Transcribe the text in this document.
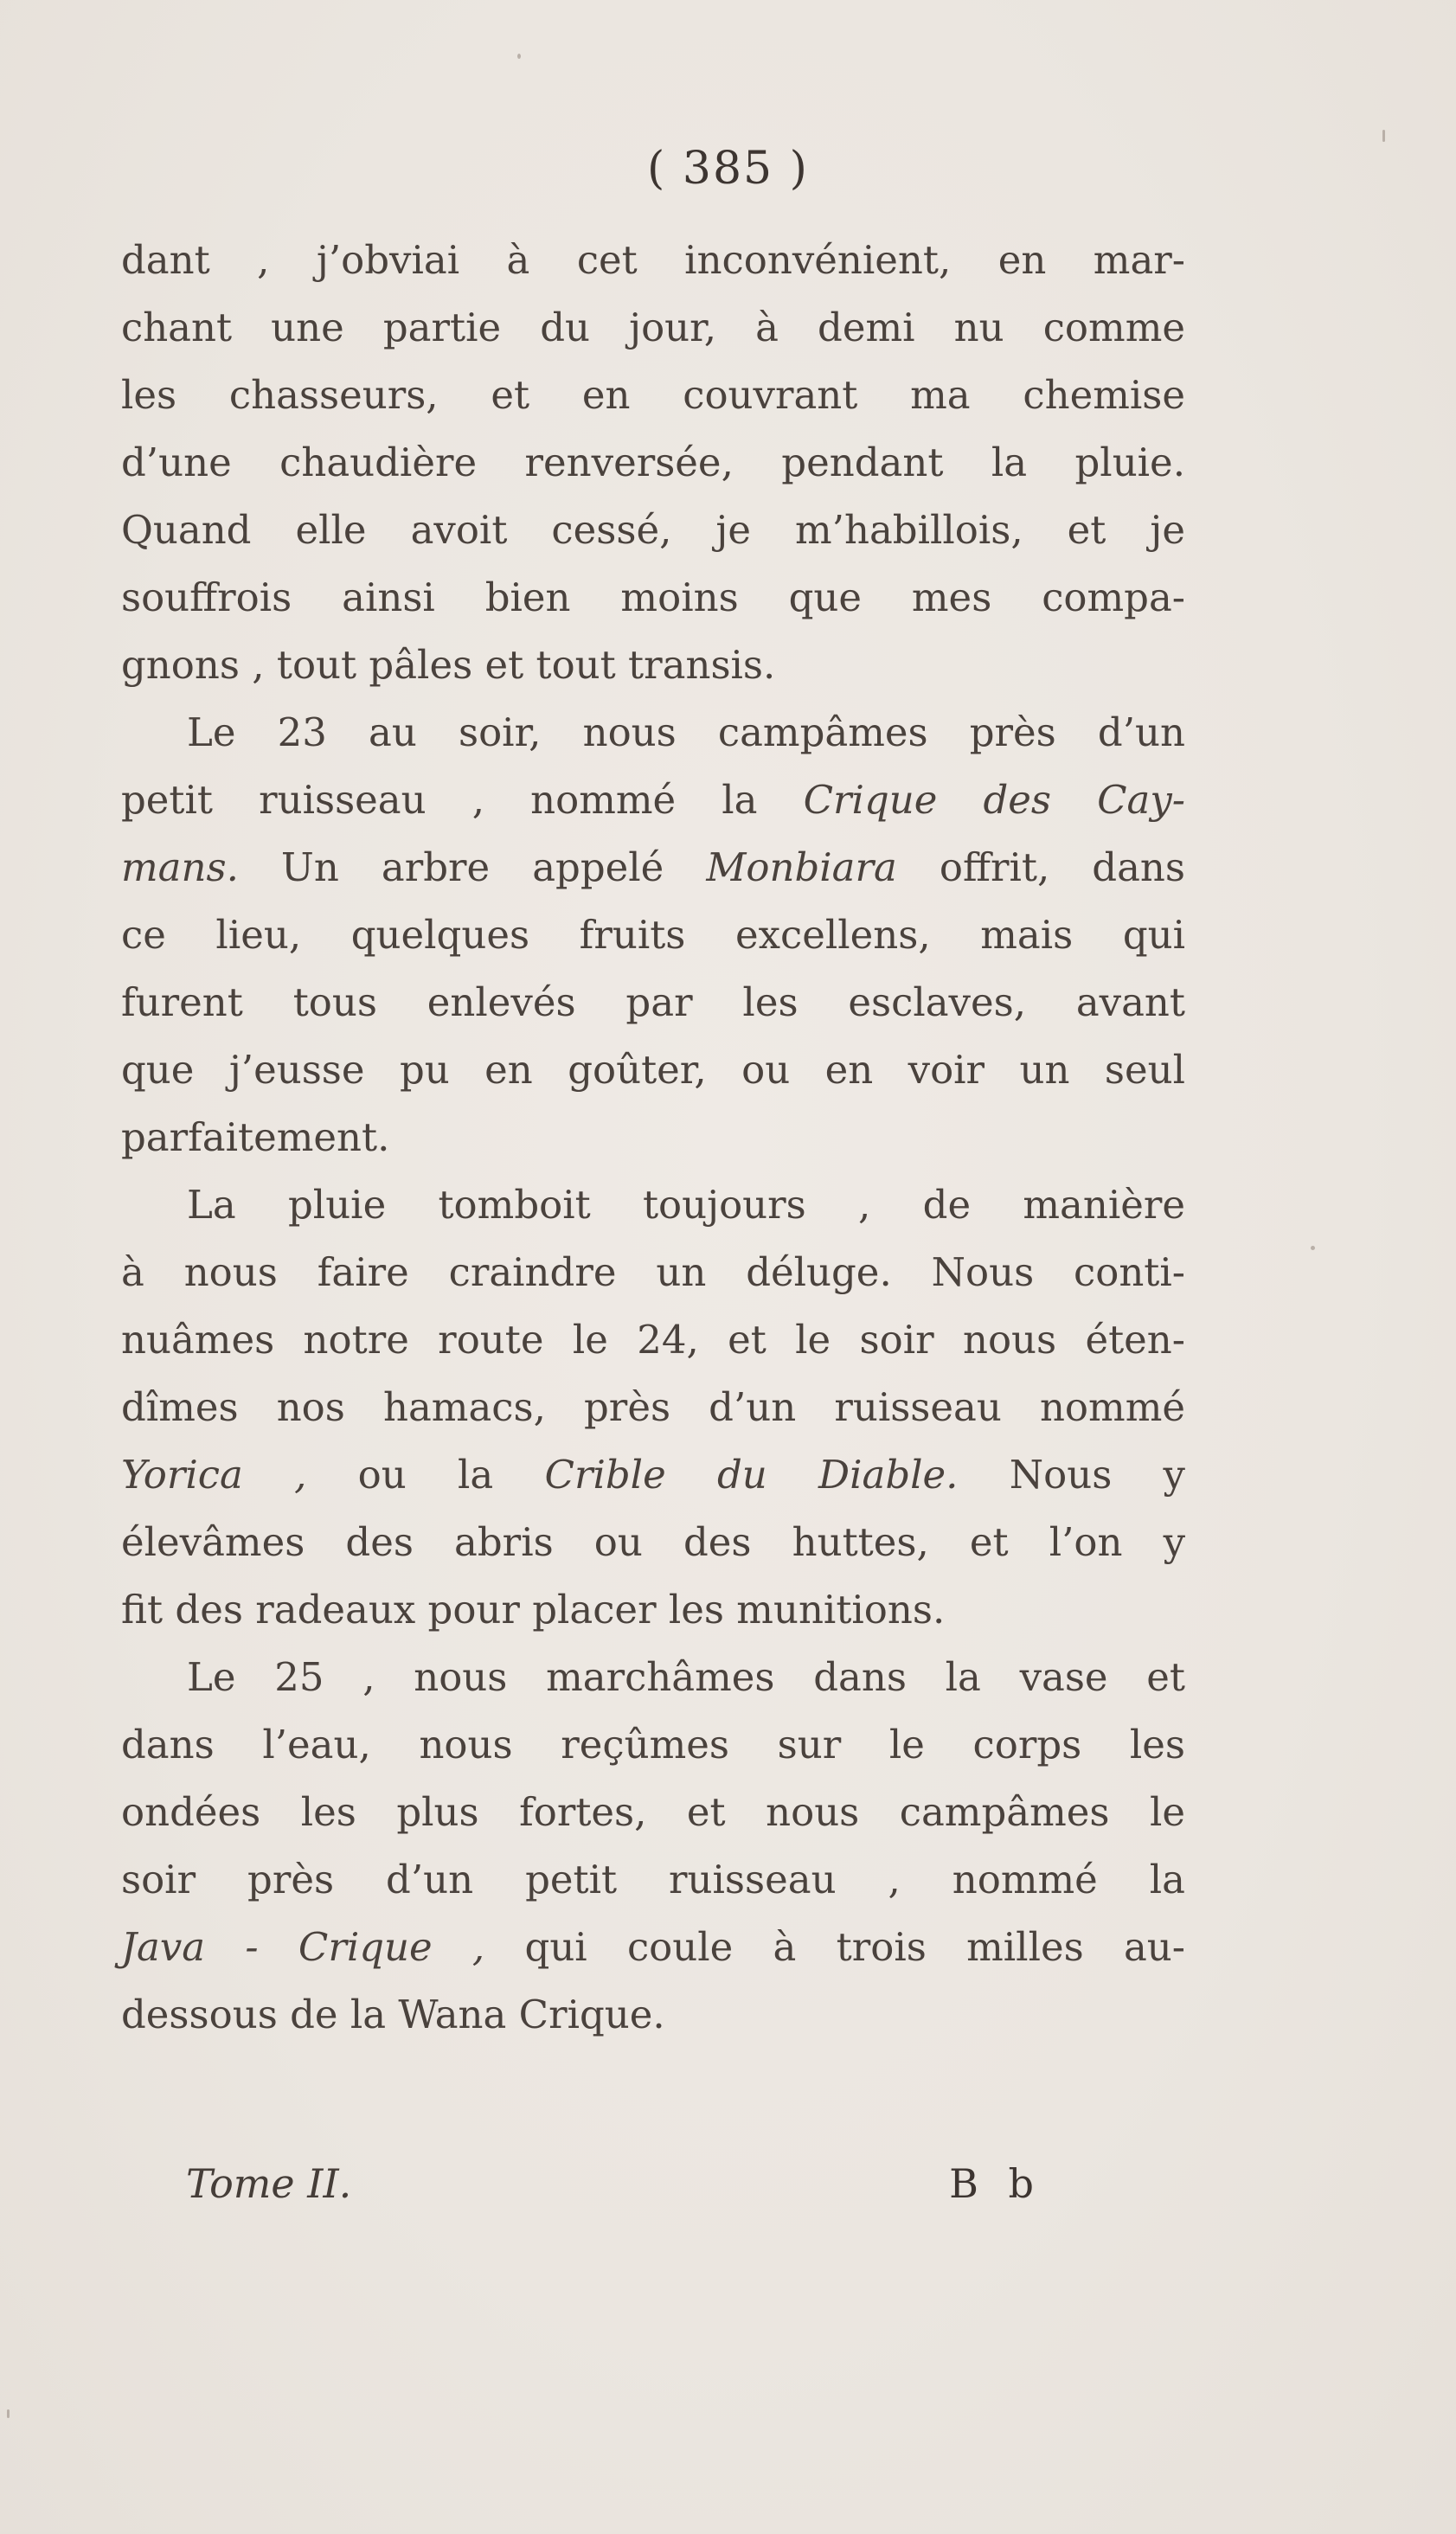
( 385 )
dant , j’obviai à cet inconvénient, en mar-
chant une partie du jour, à demi nu comme
les chasseurs, et en couvrant ma chemise
d’une chaudière renversée, pendant la pluie.
Quand elle avoit cessé, je m’habillois, et je
souffrois ainsi bien moins que mes compa-
gnons , tout pâles et tout transis.
Le 23 au soir, nous campâmes près d’un
petit ruisseau , nommé la Crique des Cay-
mans. Un arbre appelé Monbiara offrit, dans
ce lieu, quelques fruits excellens, mais qui
furent tous enlevés par les esclaves, avant
que j’eusse pu en goûter, ou en voir un seul
parfaitement.
La pluie tomboit toujours , de manière
à nous faire craindre un déluge. Nous conti-
nuâmes notre route le 24, et le soir nous éten-
dîmes nos hamacs, près d’un ruisseau nommé
Yorica , ou la Crible du Diable. Nous y
élevâmes des abris ou des huttes, et l’on y
fit des radeaux pour placer les munitions.
Le 25 , nous marchâmes dans la vase et
dans l’eau, nous reçûmes sur le corps les
ondées les plus fortes, et nous campâmes le
soir près d’un petit ruisseau , nommé la
Java - Crique , qui coule à trois milles au-
dessous de la Wana Crique.
Tome II.	B b
